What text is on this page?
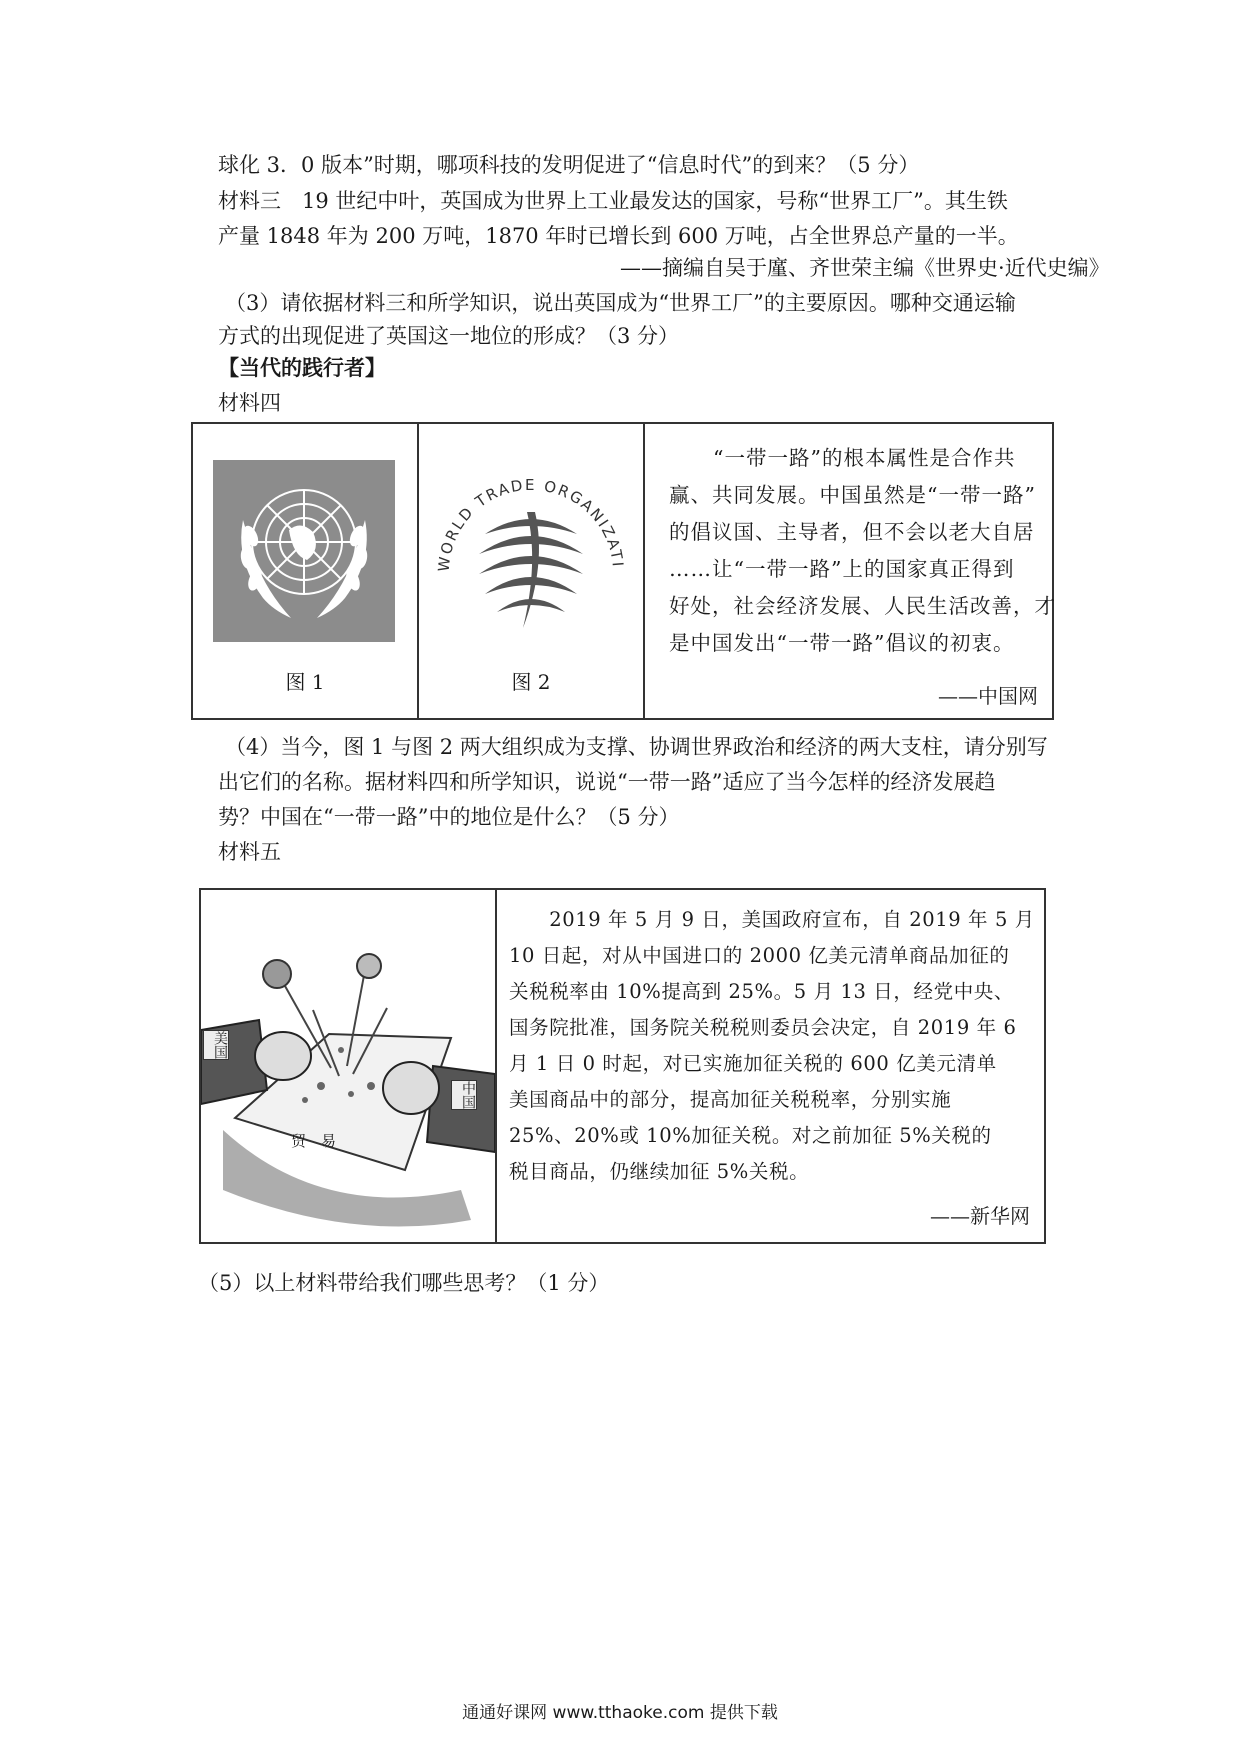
球化 3．0 版本”时期，哪项科技的发明促进了“信息时代”的到来？（5 分）
材料三　19 世纪中叶，英国成为世界上工业最发达的国家，号称“世界工厂”。其生铁
产量 1848 年为 200 万吨，1870 年时已增长到 600 万吨，占全世界总产量的一半。
——摘编自吴于廑、齐世荣主编《世界史·近代史编》
（3）请依据材料三和所学知识，说出英国成为“世界工厂”的主要原因。哪种交通运输
方式的出现促进了英国这一地位的形成？（3 分）
【当代的践行者】
材料四
图 1
WORLD TRADE ORGANIZATI
图 2
“一带一路”的根本属性是合作共
赢、共同发展。中国虽然是“一带一路”
的倡议国、主导者，但不会以老大自居
……让“一带一路”上的国家真正得到
好处，社会经济发展、人民生活改善，才
是中国发出“一带一路”倡议的初衷。
——中国网
（4）当今，图 1 与图 2 两大组织成为支撑、协调世界政治和经济的两大支柱，请分别写
出它们的名称。据材料四和所学知识，说说“一带一路”适应了当今怎样的经济发展趋
势？中国在“一带一路”中的地位是什么？（5 分）
材料五
美国
中国
贸　易
　　2019 年 5 月 9 日，美国政府宣布，自 2019 年 5 月
10 日起，对从中国进口的 2000 亿美元清单商品加征的
关税税率由 10%提高到 25%。5 月 13 日，经党中央、
国务院批准，国务院关税税则委员会决定，自 2019 年 6
月 1 日 0 时起，对已实施加征关税的 600 亿美元清单
美国商品中的部分，提高加征关税税率，分别实施
25%、20%或 10%加征关税。对之前加征 5%关税的
税目商品，仍继续加征 5%关税。
——新华网
（5）以上材料带给我们哪些思考？（1 分）
通通好课网 www.tthaoke.com 提供下载
